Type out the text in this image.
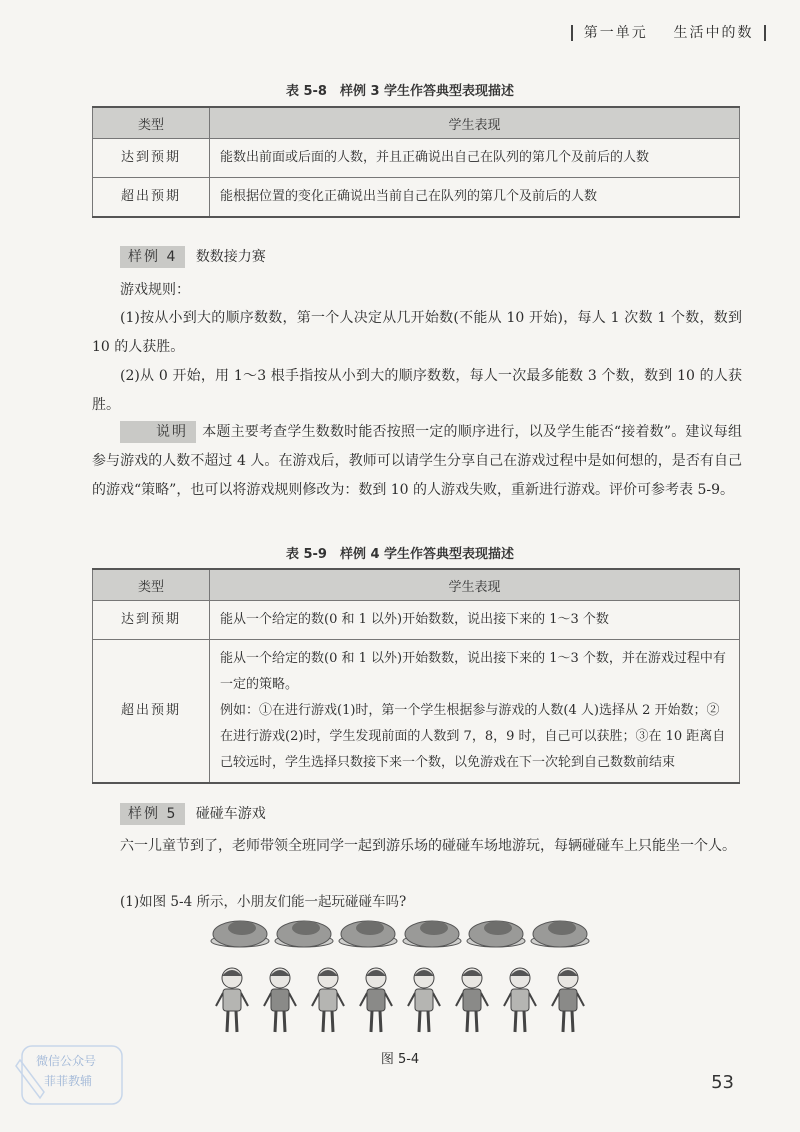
第一单元 生活中的数
表 5-8　样例 3 学生作答典型表现描述
类型	学生表现
达到预期	能数出前面或后面的人数，并且正确说出自己在队列的第几个及前后的人数
超出预期	能根据位置的变化正确说出当前自己在队列的第几个及前后的人数
样例 4 数数接力赛
游戏规则：
(1)按从小到大的顺序数数，第一个人决定从几开始数(不能从 10 开始)，每人 1 次数 1 个数，数到 10 的人获胜。
(2)从 0 开始，用 1～3 根手指按从小到大的顺序数数，每人一次最多能数 3 个数，数到 10 的人获胜。
说明 本题主要考查学生数数时能否按照一定的顺序进行，以及学生能否“接着数”。建议每组参与游戏的人数不超过 4 人。在游戏后，教师可以请学生分享自己在游戏过程中是如何想的，是否有自己的游戏“策略”，也可以将游戏规则修改为：数到 10 的人游戏失败，重新进行游戏。评价可参考表 5-9。
表 5-9　样例 4 学生作答典型表现描述
类型	学生表现
达到预期	能从一个给定的数(0 和 1 以外)开始数数，说出接下来的 1～3 个数
超出预期	能从一个给定的数(0 和 1 以外)开始数数，说出接下来的 1～3 个数，并在游戏过程中有一定的策略。
例如：①在进行游戏(1)时，第一个学生根据参与游戏的人数(4 人)选择从 2 开始数；②在进行游戏(2)时，学生发现前面的人数到 7，8，9 时，自己可以获胜；③在 10 距离自己较远时，学生选择只数接下来一个数，以免游戏在下一次轮到自己数数前结束
样例 5 碰碰车游戏
六一儿童节到了，老师带领全班同学一起到游乐场的碰碰车场地游玩，每辆碰碰车上只能坐一个人。
(1)如图 5-4 所示，小朋友们能一起玩碰碰车吗?
图 5-4
微信公众号
菲菲教辅	53
